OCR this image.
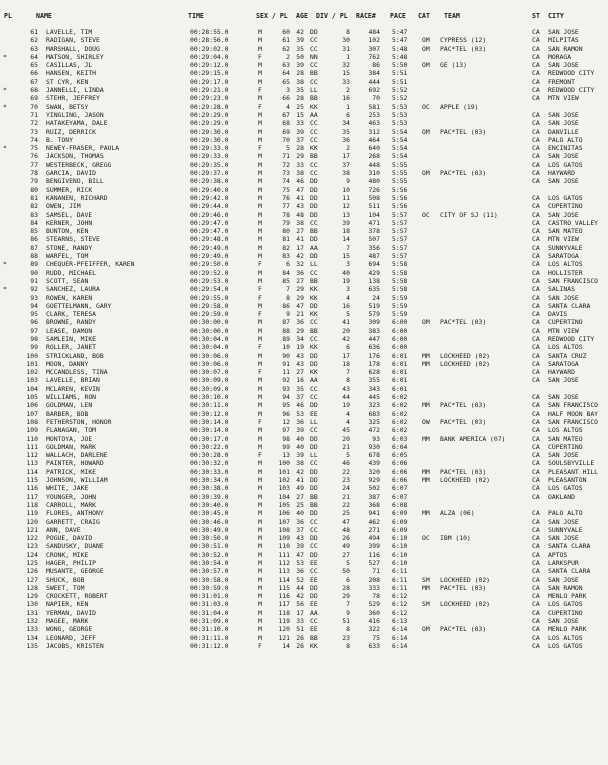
PL	NAME	TIME	SEX / PL	AGE	DIV / PL RACE#	PACE	CAT	TEAM	ST	CITY
61 LAVELLE, TIM	00:28:55.0	M	60 42 DD	8	484 5:47	CA	SAN JOSE
62 RADIGAN, STEVE	00:28:56.0	M	61 39 CC	30	102 5:47	OM	CYPRESS (12)	CA	MILPITAS
63 MARSHALL, DOUG	00:29:02.0	M	62 35 CC	31	307 5:48	OM	PAC*TEL (03)	CA	SAN RAMON
*	64 MATSON, SHIRLEY	00:29:04.0	F	2 50 NN	1	762 5:48	CA	MORAGA
65 CASILLAS, JL	00:29:12.0	M	63 39 CC	32	86 5:50	OM	GE (13)	CA	SAN JOSE
66 HANSEN, KEITH	00:29:15.0	M	64 28 BB	15	384 5:51	CA	REDWOOD CITY
67 ST CYR, KEN	00:29:17.0	M	65 38 CC	33	444 5:51	CA	FREMONT
*	68 JANNELLI, LINDA	00:29:21.0	F	3 35 LL	2	692 5:52	CA	REDWOOD CITY
69 STEHR, JEFFREY	00:29:23.0	M	66 28 BB	16	70 5:52	CA	MTN VIEW
*	70 SWAN, BETSY	00:29:28.0	F	4 25 KK	1	581 5:53	OC	APPLE (19)
71 YINGLING, JASON	00:29:29.0	M	67 15 AA	6	253 5:53	CA	SAN JOSE
72 HATAKEYAMA, DALE	00:29:29.0	M	68 33 CC	34	463 5:53	CA	SAN JOSE
73 RUIZ, DERRICK	00:29:30.0	M	69 39 CC	35	312 5:54	OM	PAC*TEL (03)	CA	DANVILLE
74 B. TONY	00:29:30.0	M	70 37 CC	36	464 5:54	CA	PALO ALTO
*	75 NEWEY-FRASER, PAULA	00:29:33.0	F	5 28 KK	2	640 5:54	CA	ENCINITAS
76 JACKSON, THOMAS	00:29:33.0	M	71 29 BB	17	268 5:54	CA	SAN JOSE
77 WESTERBECK, GREGG	00:29:35.0	M	72 33 CC	37	448 5:55	CA	LOS GATOS
78 GARCIA, DAVID	00:29:37.0	M	73 38 CC	38	310 5:55	OM	PAC*TEL (03)	CA	HAYWARD
79 BENGIVENO, BILL	00:29:38.0	M	74 46 DD	9	480 5:55	CA	SAN JOSE
80 SUMMER, RICK	00:29:40.0	M	75 47 DD	10	726 5:56
81 KANANEN, RICHARD	00:29:42.0	M	76 41 DD	11	508 5:56	CA	LOS GATOS
82 OWEN, JIM	00:29:44.0	M	77 43 DD	12	511 5:56	CA	CUPERTINO
83 SAMSEL, DAVE	00:29:46.0	M	78 48 DD	13	104 5:57	OC	CITY OF SJ (11)	CA	SAN JOSE
84 KERNER, JOHN	00:29:47.0	M	79 38 CC	39	471 5:57	CA	CASTRO VALLEY
85 BUNTON, KEN	00:29:47.0	M	80 27 BB	18	378 5:57	CA	SAN MATEO
86 STEARNS, STEVE	00:29:48.0	M	81 41 DD	14	507 5:57	CA	MTN VIEW
87 STONE, RANDY	00:29:49.0	M	82 17 AA	7	356 5:57	CA	SUNNYVALE
88 WARFEL, TOM	00:29:49.0	M	83 42 DD	15	487 5:57	CA	SARATOGA
*	89 CHEQUER-PFEIFFER, KAREN	00:29:50.0	F	6 32 LL	3	694 5:58	CA	LOS ALTOS
90 RUDD, MICHAEL	00:29:52.0	M	84 36 CC	40	429 5:58	CA	HOLLISTER
91 SCOTT, SEAN	00:29:53.0	M	85 27 BB	19	138 5:58	CA	SAN FRANCISCO
*	92 SANCHEZ, LAURA	00:29:54.0	F	7 29 KK	3	635 5:58	CA	SALINAS
93 ROWEN, KAREN	00:29:55.0	F	8 29 KK	4	24 5:59	CA	SAN JOSE
94 GOETTELMANN, GARY	00:29:58.0	M	86 47 DD	16	519 5:59	CA	SANTA CLARA
95 CLARK, TERESA	00:29:59.0	F	9 21 KK	5	579 5:59	CA	DAVIS
96 BROWNE, RANDY	00:30:00.0	M	87 36 CC	41	309 6:00	OM	PAC*TEL (03)	CA	CUPERTINO
97 LEASE, DAMON	00:30:00.0	M	88 29 BB	20	383 6:00	CA	MTN VIEW
98 SAMLEIN, MIKE	00:30:04.0	M	89 34 CC	42	447 6:00	CA	REDWOOD CITY
99 ROLLER, JANET	00:30:04.0	F	10 19 KK	6	636 6:00	CA	LOS ALTOS
100 STRICKLAND, BOB	00:30:06.0	M	90 43 DD	17	176 6:01	MM	LOCKHEED (02)	CA	SANTA CRUZ
101 MOON, DANNY	00:30:06.0	M	91 43 DD	18	178 6:01	MM	LOCKHEED (02)	CA	SARATOGA
102 MCCANDLESS, TINA	00:30:07.0	F	11 27 KK	7	628 6:01	CA	HAYWARD
103 LAVELLE, BRIAN	00:30:09.0	M	92 16 AA	8	355 6:01	CA	SAN JOSE
104 MCLAREN, KEVIN	00:30:09.0	M	93 35 CC	43	343 6:01
105 WILLIAMS, RON	00:30:10.0	M	94 37 CC	44	445 6:02	CA	SAN JOSE
106 GOLDMAN, LEN	00:30:11.0	M	95 46 DD	19	323 6:02	MM	PAC*TEL (03)	CA	SAN FRANCISCO
107 BARBER, BOB	00:30:12.0	M	96 53 EE	4	683 6:02	CA	HALF MOON BAY
108 FETHERSTON, HONOR	00:30:14.0	F	12 36 LL	4	325 6:02	OW	PAC*TEL (03)	CA	SAN FRANCISCO
109 FLANAGAN, TOM	00:30:14.0	M	97 39 CC	45	472 6:02	CA	LOS ALTOS
110 MONTOYA, JOE	00:30:17.0	M	98 40 DD	20	93 6:03	MM	BANK AMERICA (07)	CA	SAN MATEO
111 GOLDMAN, MARK	00:30:22.0	M	99 40 DD	21	930 6:04	CA	CUPERTINO
112 WALLACH, DARLENE	00:30:28.0	F	13 39 LL	5	678 6:05	CA	SAN JOSE
113 PAINTER, HOWARD	00:30:32.0	M	100 38 CC	46	439 6:06	CA	SOULSBYVILLE
114 PATRICK, MIKE	00:30:33.0	M	101 42 DD	22	320 6:06	MM	PAC*TEL (03)	CA	PLEASANT HILL
115 JOHNSON, WILLIAM	00:30:34.0	M	102 41 DD	23	929 6:06	MM	LOCKHEED (02)	CA	PLEASANTON
116 WHITE, JAKE	00:30:38.0	M	103 49 DD	24	502 6:07	CA	LOS GATOS
117 YOUNGER, JOHN	00:30:39.0	M	104 27 BB	21	387 6:07	CA	OAKLAND
118 CARROLL, MARK	00:30:40.0	M	105 25 BB	22	368 6:08
119 FLORES, ANTHONY	00:30:45.0	M	106 40 DD	25	941 6:09	MM	ALZA (06)	CA	PALO ALTO
120 GARRETT, CRAIG	00:30:46.0	M	107 36 CC	47	462 6:09	CA	SAN JOSE
121 ANN, DAVE	00:30:49.0	M	108 37 CC	48	271 6:09	CA	SUNNYVALE
122 POGUE, DAVID	00:30:50.0	M	109 43 DD	26	494 6:10	OC	IBM (10)	CA	SAN JOSE
123 SANDUSKY, DUANE	00:30:51.0	M	110 39 CC	49	399 6:10	CA	SANTA CLARA
124 CRONK, MIKE	00:30:52.0	M	111 47 DD	27	116 6:10	CA	APTOS
125 HAGER, PHILIP	00:30:54.0	M	112 53 EE	5	527 6:10	CA	LARKSPUR
126 MUSANTE, GEORGE	00:30:57.0	M	113 36 CC	50	71 6:11	CA	SANTA CLARA
127 SHUCK, BOB	00:30:58.0	M	114 52 EE	6	208 6:11	SM	LOCKHEED (02)	CA	SAN JOSE
128 SWEET, TOM	00:30:59.0	M	115 44 DD	28	333 6:11	MM	PAC*TEL (03)	CA	SAN RAMON
129 CROCKETT, ROBERT	00:31:01.0	M	116 42 DD	29	78 6:12	CA	MENLO PARK
130 NAPIER, KEN	00:31:03.0	M	117 56 EE	7	529 6:12	SM	LOCKHEED (02)	CA	LOS GATOS
131 YERMAN, DAVID	00:31:04.0	M	118 17 AA	9	360 6:12	CA	CUPERTINO
132 MAGEE, MARK	00:31:09.0	M	119 33 CC	51	416 6:13	CA	SAN JOSE
133 WONG, GEORGE	00:31:10.0	M	120 51 EE	8	322 6:14	OM	PAC*TEL (03)	CA	MENLO PARK
134 LEONARD, JEFF	00:31:11.0	M	121 26 BB	23	75 6:14	CA	LOS ALTOS
135 JACOBS, KRISTEN	00:31:12.0	F	14 26 KK	8	633 6:14	CA	LOS GATOS
